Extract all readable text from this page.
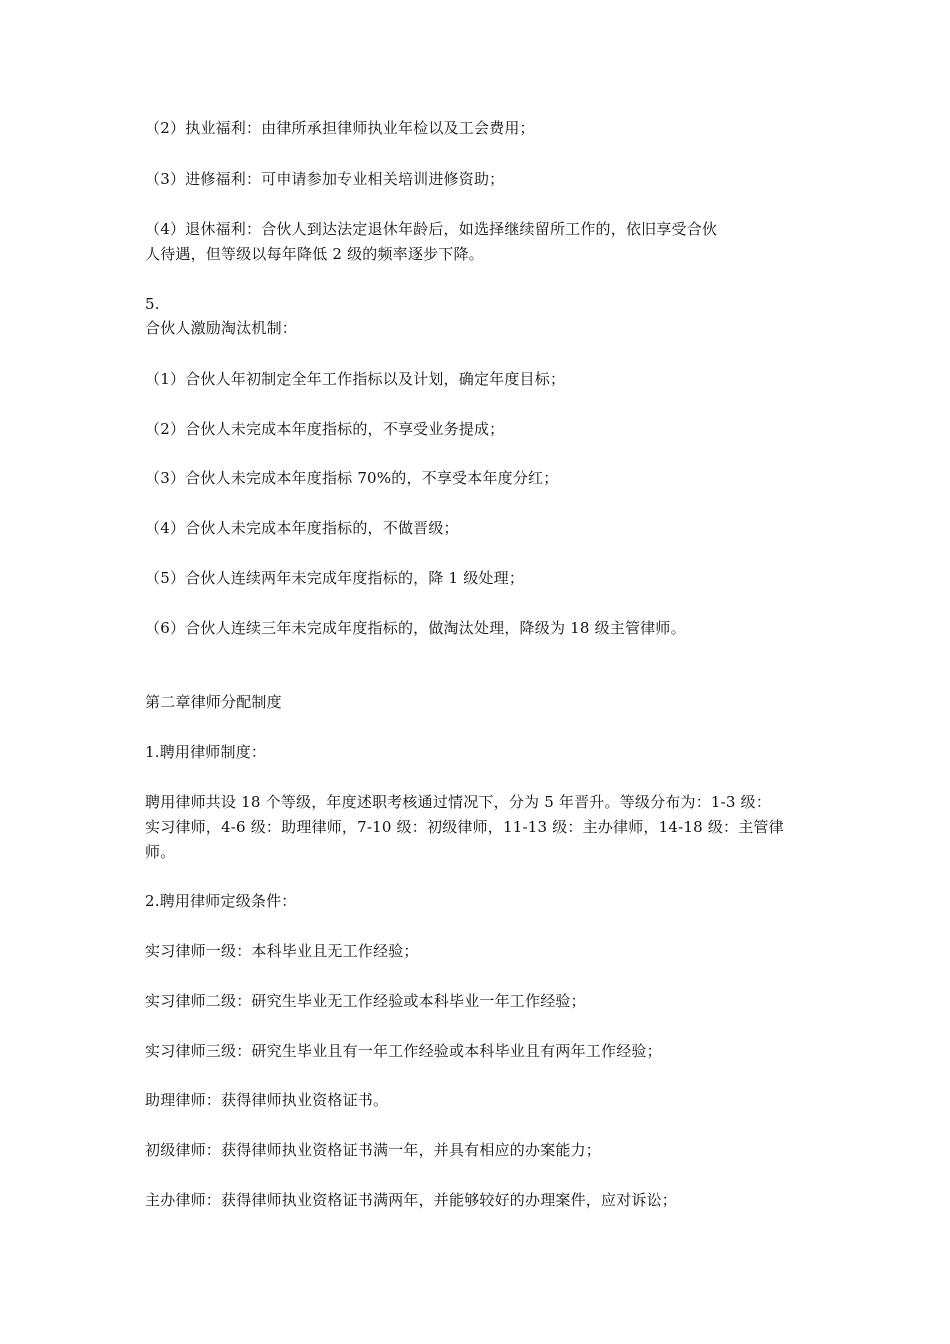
（2）执业福利：由律所承担律师执业年检以及工会费用；
（3）进修福利：可申请参加专业相关培训进修资助；
（4）退休福利：合伙人到达法定退休年龄后，如选择继续留所工作的，依旧享受合伙
人待遇，但等级以每年降低 2 级的频率逐步下降。
5.
合伙人激励淘汰机制：
（1）合伙人年初制定全年工作指标以及计划，确定年度目标；
（2）合伙人未完成本年度指标的，不享受业务提成；
（3）合伙人未完成本年度指标 70%的，不享受本年度分红；
（4）合伙人未完成本年度指标的，不做晋级；
（5）合伙人连续两年未完成年度指标的，降 1 级处理；
（6）合伙人连续三年未完成年度指标的，做淘汰处理，降级为 18 级主管律师。
第二章律师分配制度
1.聘用律师制度：
聘用律师共设 18 个等级，年度述职考核通过情况下，分为 5 年晋升。等级分布为：1-3 级：
实习律师，4-6 级：助理律师，7-10 级：初级律师，11-13 级：主办律师，14-18 级：主管律
师。
2.聘用律师定级条件：
实习律师一级：本科毕业且无工作经验；
实习律师二级：研究生毕业无工作经验或本科毕业一年工作经验；
实习律师三级：研究生毕业且有一年工作经验或本科毕业且有两年工作经验；
助理律师：获得律师执业资格证书。
初级律师：获得律师执业资格证书满一年，并具有相应的办案能力；
主办律师：获得律师执业资格证书满两年，并能够较好的办理案件，应对诉讼；
